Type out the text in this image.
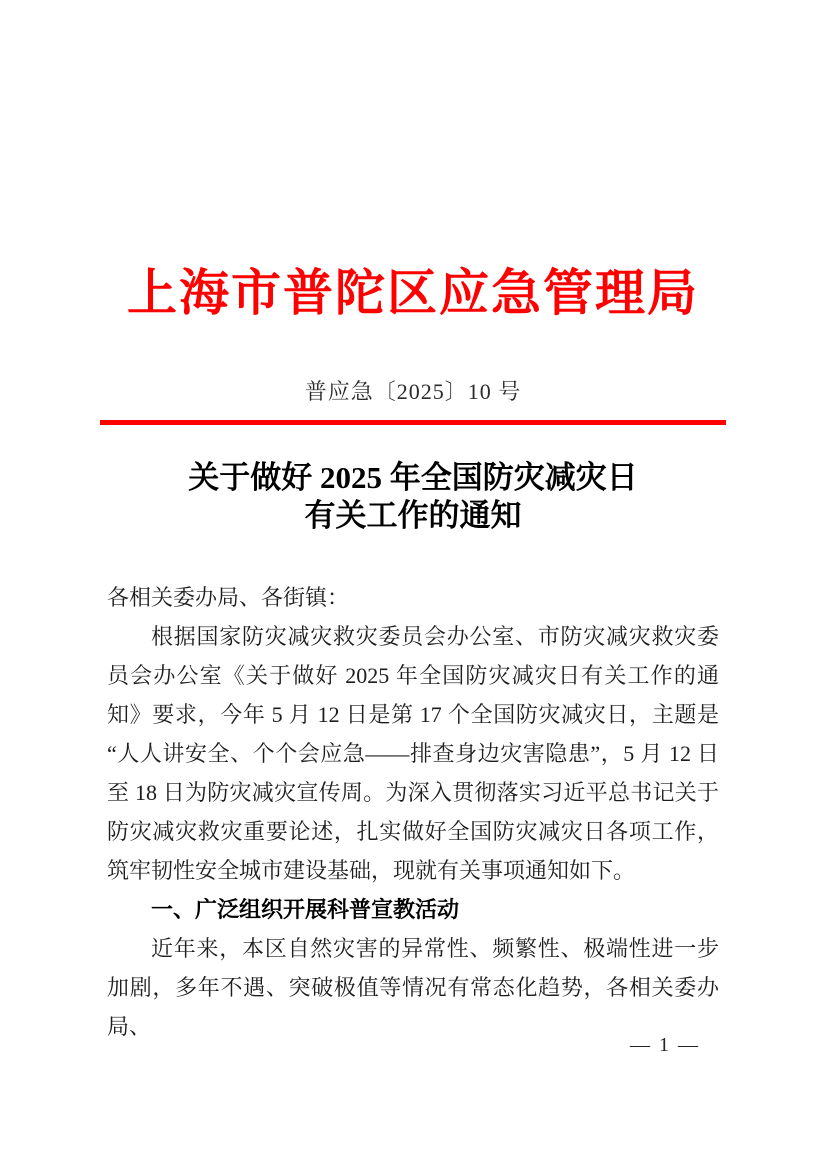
上海市普陀区应急管理局
普应急〔2025〕10 号
关于做好 2025 年全国防灾减灾日
有关工作的通知

各相关委办局、各街镇：

根据国家防灾减灾救灾委员会办公室、市防灾减灾救灾委员会办公室《关于做好 2025 年全国防灾减灾日有关工作的通知》要求，今年 5 月 12 日是第 17 个全国防灾减灾日，主题是“人人讲安全、个个会应急——排查身边灾害隐患”，5 月 12 日至 18 日为防灾减灾宣传周。为深入贯彻落实习近平总书记关于防灾减灾救灾重要论述，扎实做好全国防灾减灾日各项工作，筑牢韧性安全城市建设基础，现就有关事项通知如下。

一、广泛组织开展科普宣教活动

近年来，本区自然灾害的异常性、频繁性、极端性进一步加剧，多年不遇、突破极值等情况有常态化趋势，各相关委办局、

— 1 —
